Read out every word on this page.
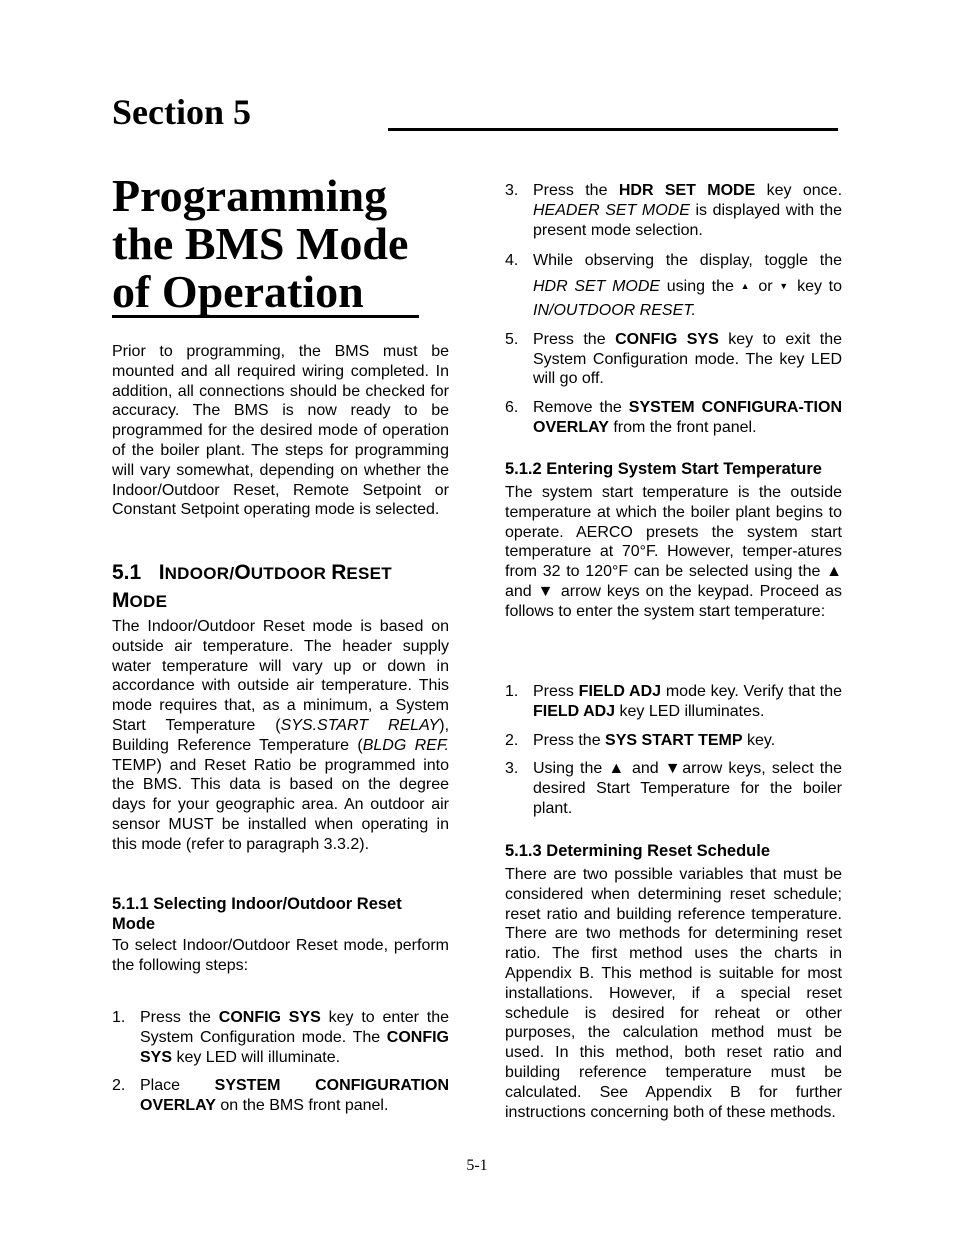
Section 5
Programming
the BMS Mode
of Operation

Prior to programming, the BMS must be mounted and all required wiring completed. In addition, all connections should be checked for accuracy. The BMS is now ready to be programmed for the desired mode of operation of the boiler plant. The steps for programming will vary somewhat, depending on whether the Indoor/Outdoor Reset, Remote Setpoint or Constant Setpoint operating mode is selected.

5.1 INDOOR/OUTDOOR RESET
MODE

The Indoor/Outdoor Reset mode is based on outside air temperature. The header supply water temperature will vary up or down in accordance with outside air temperature. This mode requires that, as a minimum, a System Start Temperature (SYS.START RELAY), Building Reference Temperature (BLDG REF. TEMP) and Reset Ratio be programmed into the BMS. This data is based on the degree days for your geographic area. An outdoor air sensor MUST be installed when operating in this mode (refer to paragraph 3.3.2).

5.1.1 Selecting Indoor/Outdoor Reset Mode

To select Indoor/Outdoor Reset mode, perform the following steps:

1. Press the CONFIG SYS key to enter the System Configuration mode. The CONFIG SYS key LED will illuminate.
2. Place SYSTEM CONFIGURATION OVERLAY on the BMS front panel.
3. Press the HDR SET MODE key once. HEADER SET MODE is displayed with the present mode selection.
4. While observing the display, toggle the HDR SET MODE using the ▲ or ▼ key to IN/OUTDOOR RESET.
5. Press the CONFIG SYS key to exit the System Configuration mode. The key LED will go off.
6. Remove the SYSTEM CONFIGURA-TION OVERLAY from the front panel.
5.1.2 Entering System Start Temperature

The system start temperature is the outside temperature at which the boiler plant begins to operate. AERCO presets the system start temperature at 70°F. However, temper-atures from 32 to 120°F can be selected using the ▲ and ▼ arrow keys on the keypad. Proceed as follows to enter the system start temperature:

1. Press FIELD ADJ mode key. Verify that the FIELD ADJ key LED illuminates.
2. Press the SYS START TEMP key.
3. Using the ▲ and ▼arrow keys, select the desired Start Temperature for the boiler plant.
5.1.3 Determining Reset Schedule

There are two possible variables that must be considered when determining reset schedule; reset ratio and building reference temperature. There are two methods for determining reset ratio. The first method uses the charts in Appendix B. This method is suitable for most installations. However, if a special reset schedule is desired for reheat or other purposes, the calculation method must be used. In this method, both reset ratio and building reference temperature must be calculated. See Appendix B for further instructions concerning both of these methods.

5-1
